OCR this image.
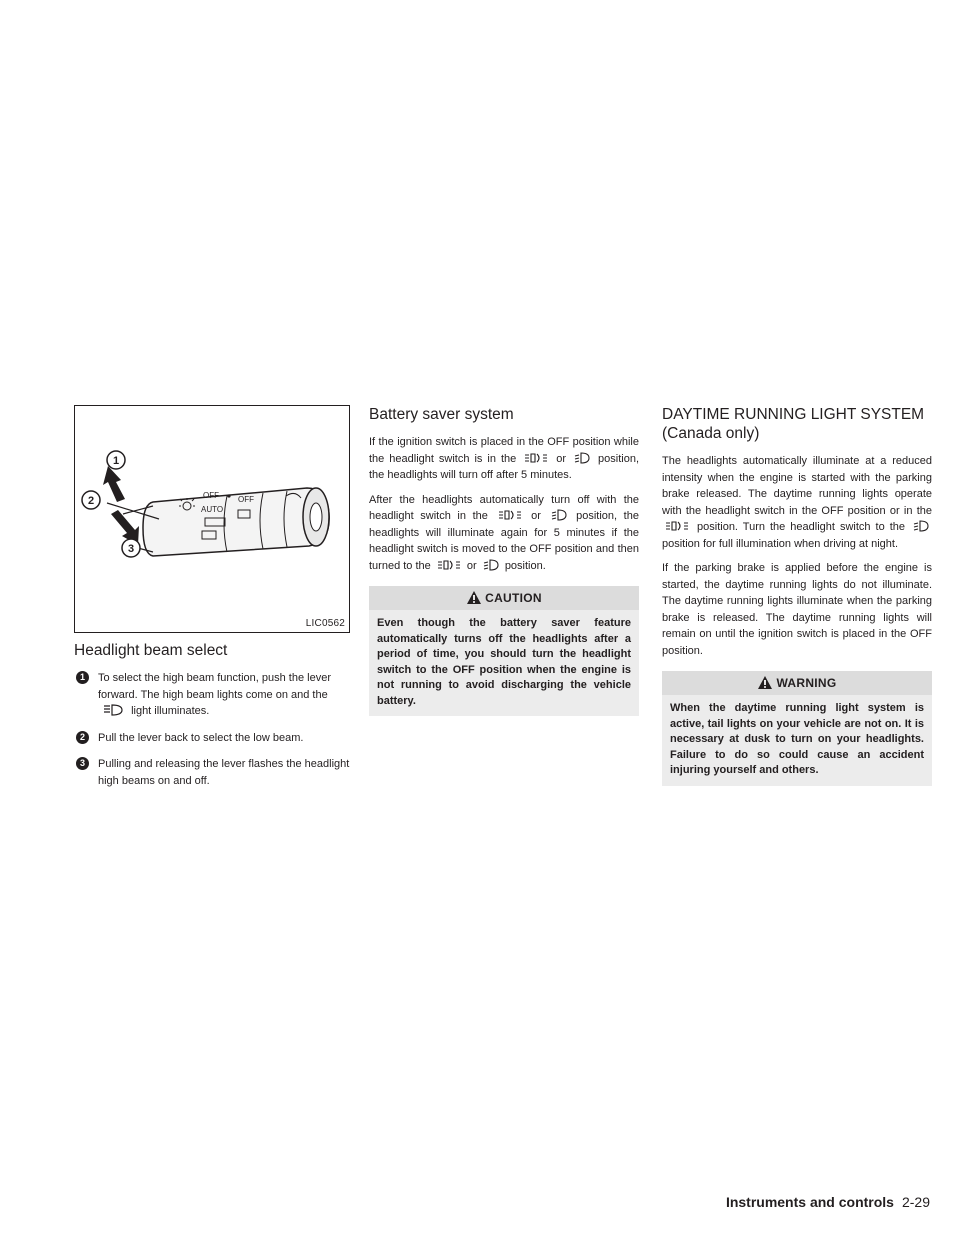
OFF
AUTO
OFF
1
2
3
LIC0562
Headlight beam select
1	To select the high beam function, push the lever forward. The high beam lights come on and the  light illuminates.
2	Pull the lever back to select the low beam.
3	Pulling and releasing the lever flashes the headlight high beams on and off.
Battery saver system

If the ignition switch is placed in the OFF position while the headlight switch is in the	or	position, the headlights will turn off after 5 minutes.

After the headlights automatically turn off with the headlight switch in the	or	position, the headlights will illuminate again for 5 minutes if the headlight switch is moved to the OFF position and then turned to the	or	position.

CAUTION
Even though the battery saver feature automatically turns off the headlights after a period of time, you should turn the headlight switch to the OFF position when the engine is not running to avoid discharging the vehicle battery.
DAYTIME RUNNING LIGHT SYSTEM
(Canada only)

The headlights automatically illuminate at a reduced intensity when the engine is started with the parking brake released. The daytime running lights operate with the headlight switch in the OFF position or in the  position. Turn the headlight switch to the  position for full illumination when driving at night.

If the parking brake is applied before the engine is started, the daytime running lights do not illuminate. The daytime running lights illuminate when the parking brake is released. The daytime running lights will remain on until the ignition switch is placed in the OFF position.

WARNING
When the daytime running light system is active, tail lights on your vehicle are not on. It is necessary at dusk to turn on your headlights. Failure to do so could cause an accident injuring yourself and others.
Instruments and controls 2-29
